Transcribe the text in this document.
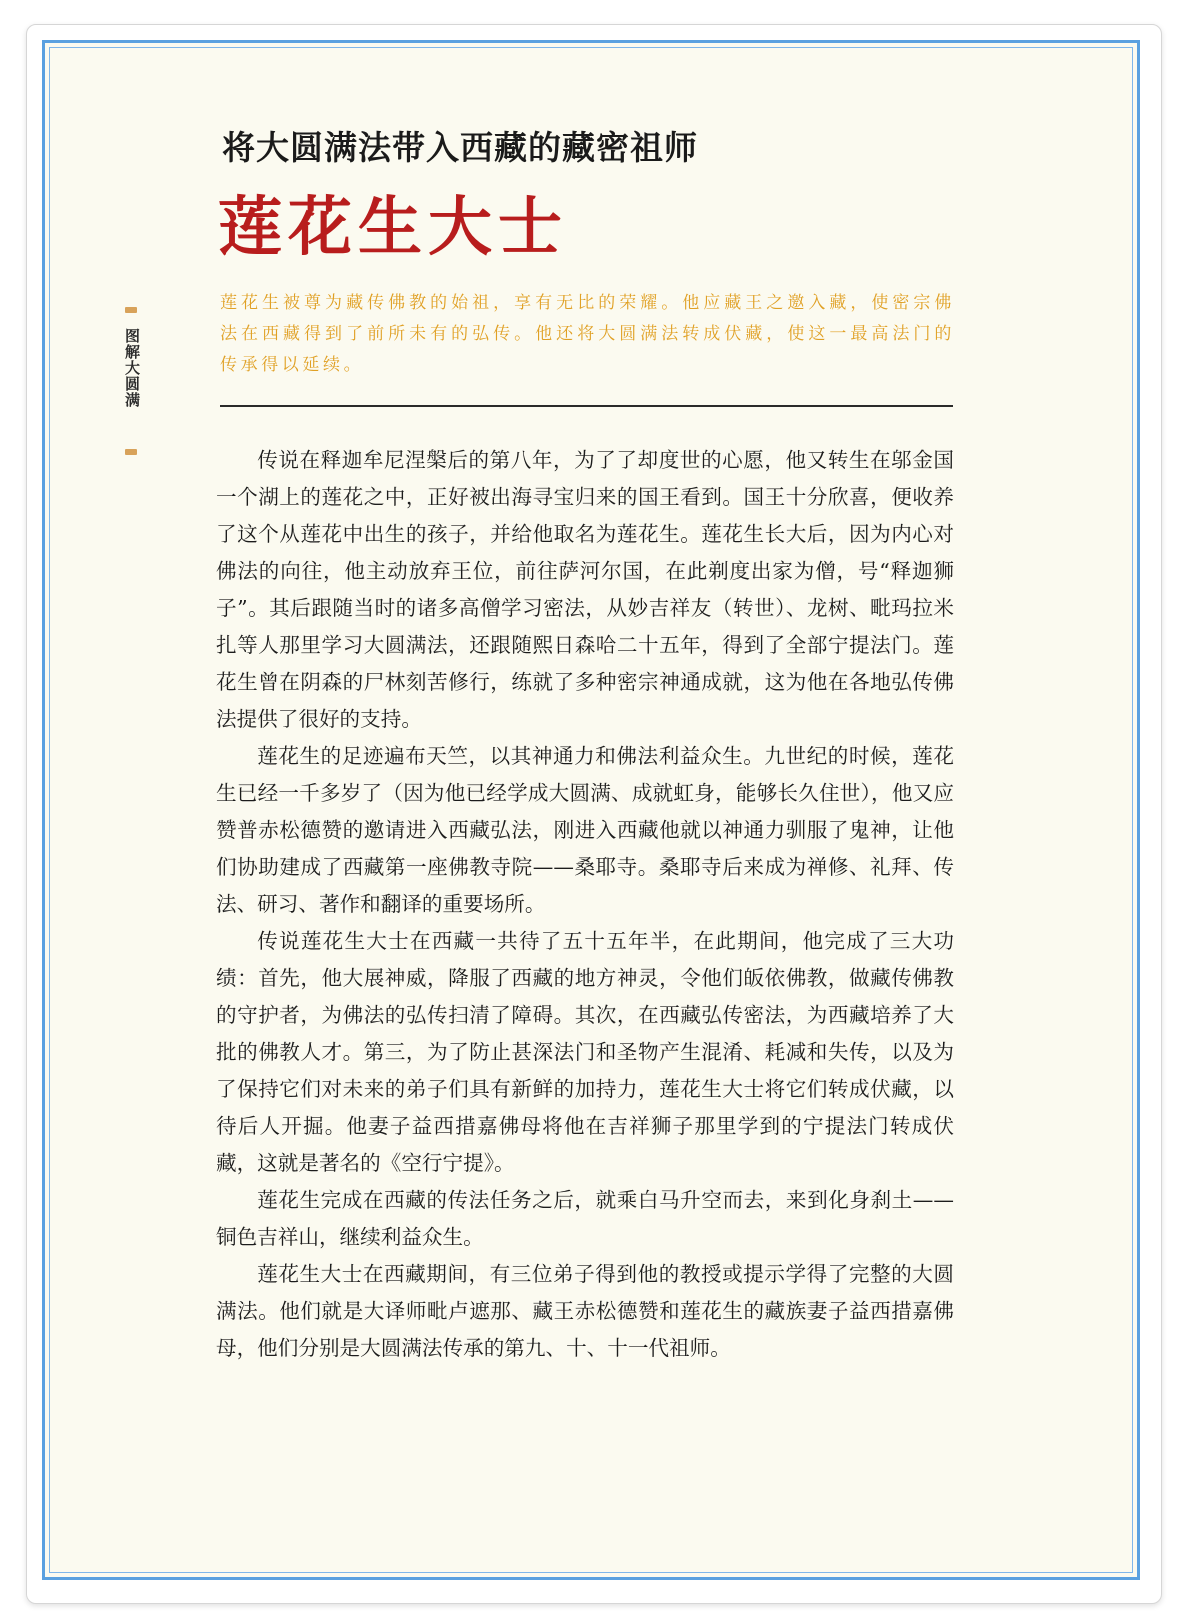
将大圆满法带入西藏的藏密祖师
莲花生大士
莲花生被尊为藏传佛教的始祖，享有无比的荣耀。他应藏王之邀入藏，使密宗佛法在西藏得到了前所未有的弘传。他还将大圆满法转成伏藏，使这一最高法门的传承得以延续。
图解大圆满

传说在释迦牟尼涅槃后的第八年，为了了却度世的心愿，他又转生在邬金国一个湖上的莲花之中，正好被出海寻宝归来的国王看到。国王十分欣喜，便收养了这个从莲花中出生的孩子，并给他取名为莲花生。莲花生长大后，因为内心对佛法的向往，他主动放弃王位，前往萨河尔国，在此剃度出家为僧，号“释迦狮子”。其后跟随当时的诸多高僧学习密法，从妙吉祥友（转世）、龙树、毗玛拉米扎等人那里学习大圆满法，还跟随熙日森哈二十五年，得到了全部宁提法门。莲花生曾在阴森的尸林刻苦修行，练就了多种密宗神通成就，这为他在各地弘传佛法提供了很好的支持。

莲花生的足迹遍布天竺，以其神通力和佛法利益众生。九世纪的时候，莲花生已经一千多岁了（因为他已经学成大圆满、成就虹身，能够长久住世），他又应赞普赤松德赞的邀请进入西藏弘法，刚进入西藏他就以神通力驯服了鬼神，让他们协助建成了西藏第一座佛教寺院——桑耶寺。桑耶寺后来成为禅修、礼拜、传法、研习、著作和翻译的重要场所。

传说莲花生大士在西藏一共待了五十五年半，在此期间，他完成了三大功绩：首先，他大展神威，降服了西藏的地方神灵，令他们皈依佛教，做藏传佛教的守护者，为佛法的弘传扫清了障碍。其次，在西藏弘传密法，为西藏培养了大批的佛教人才。第三，为了防止甚深法门和圣物产生混淆、耗减和失传，以及为了保持它们对未来的弟子们具有新鲜的加持力，莲花生大士将它们转成伏藏，以待后人开掘。他妻子益西措嘉佛母将他在吉祥狮子那里学到的宁提法门转成伏藏，这就是著名的《空行宁提》。

莲花生完成在西藏的传法任务之后，就乘白马升空而去，来到化身刹土——铜色吉祥山，继续利益众生。

莲花生大士在西藏期间，有三位弟子得到他的教授或提示学得了完整的大圆满法。他们就是大译师毗卢遮那、藏王赤松德赞和莲花生的藏族妻子益西措嘉佛母，他们分别是大圆满法传承的第九、十、十一代祖师。
